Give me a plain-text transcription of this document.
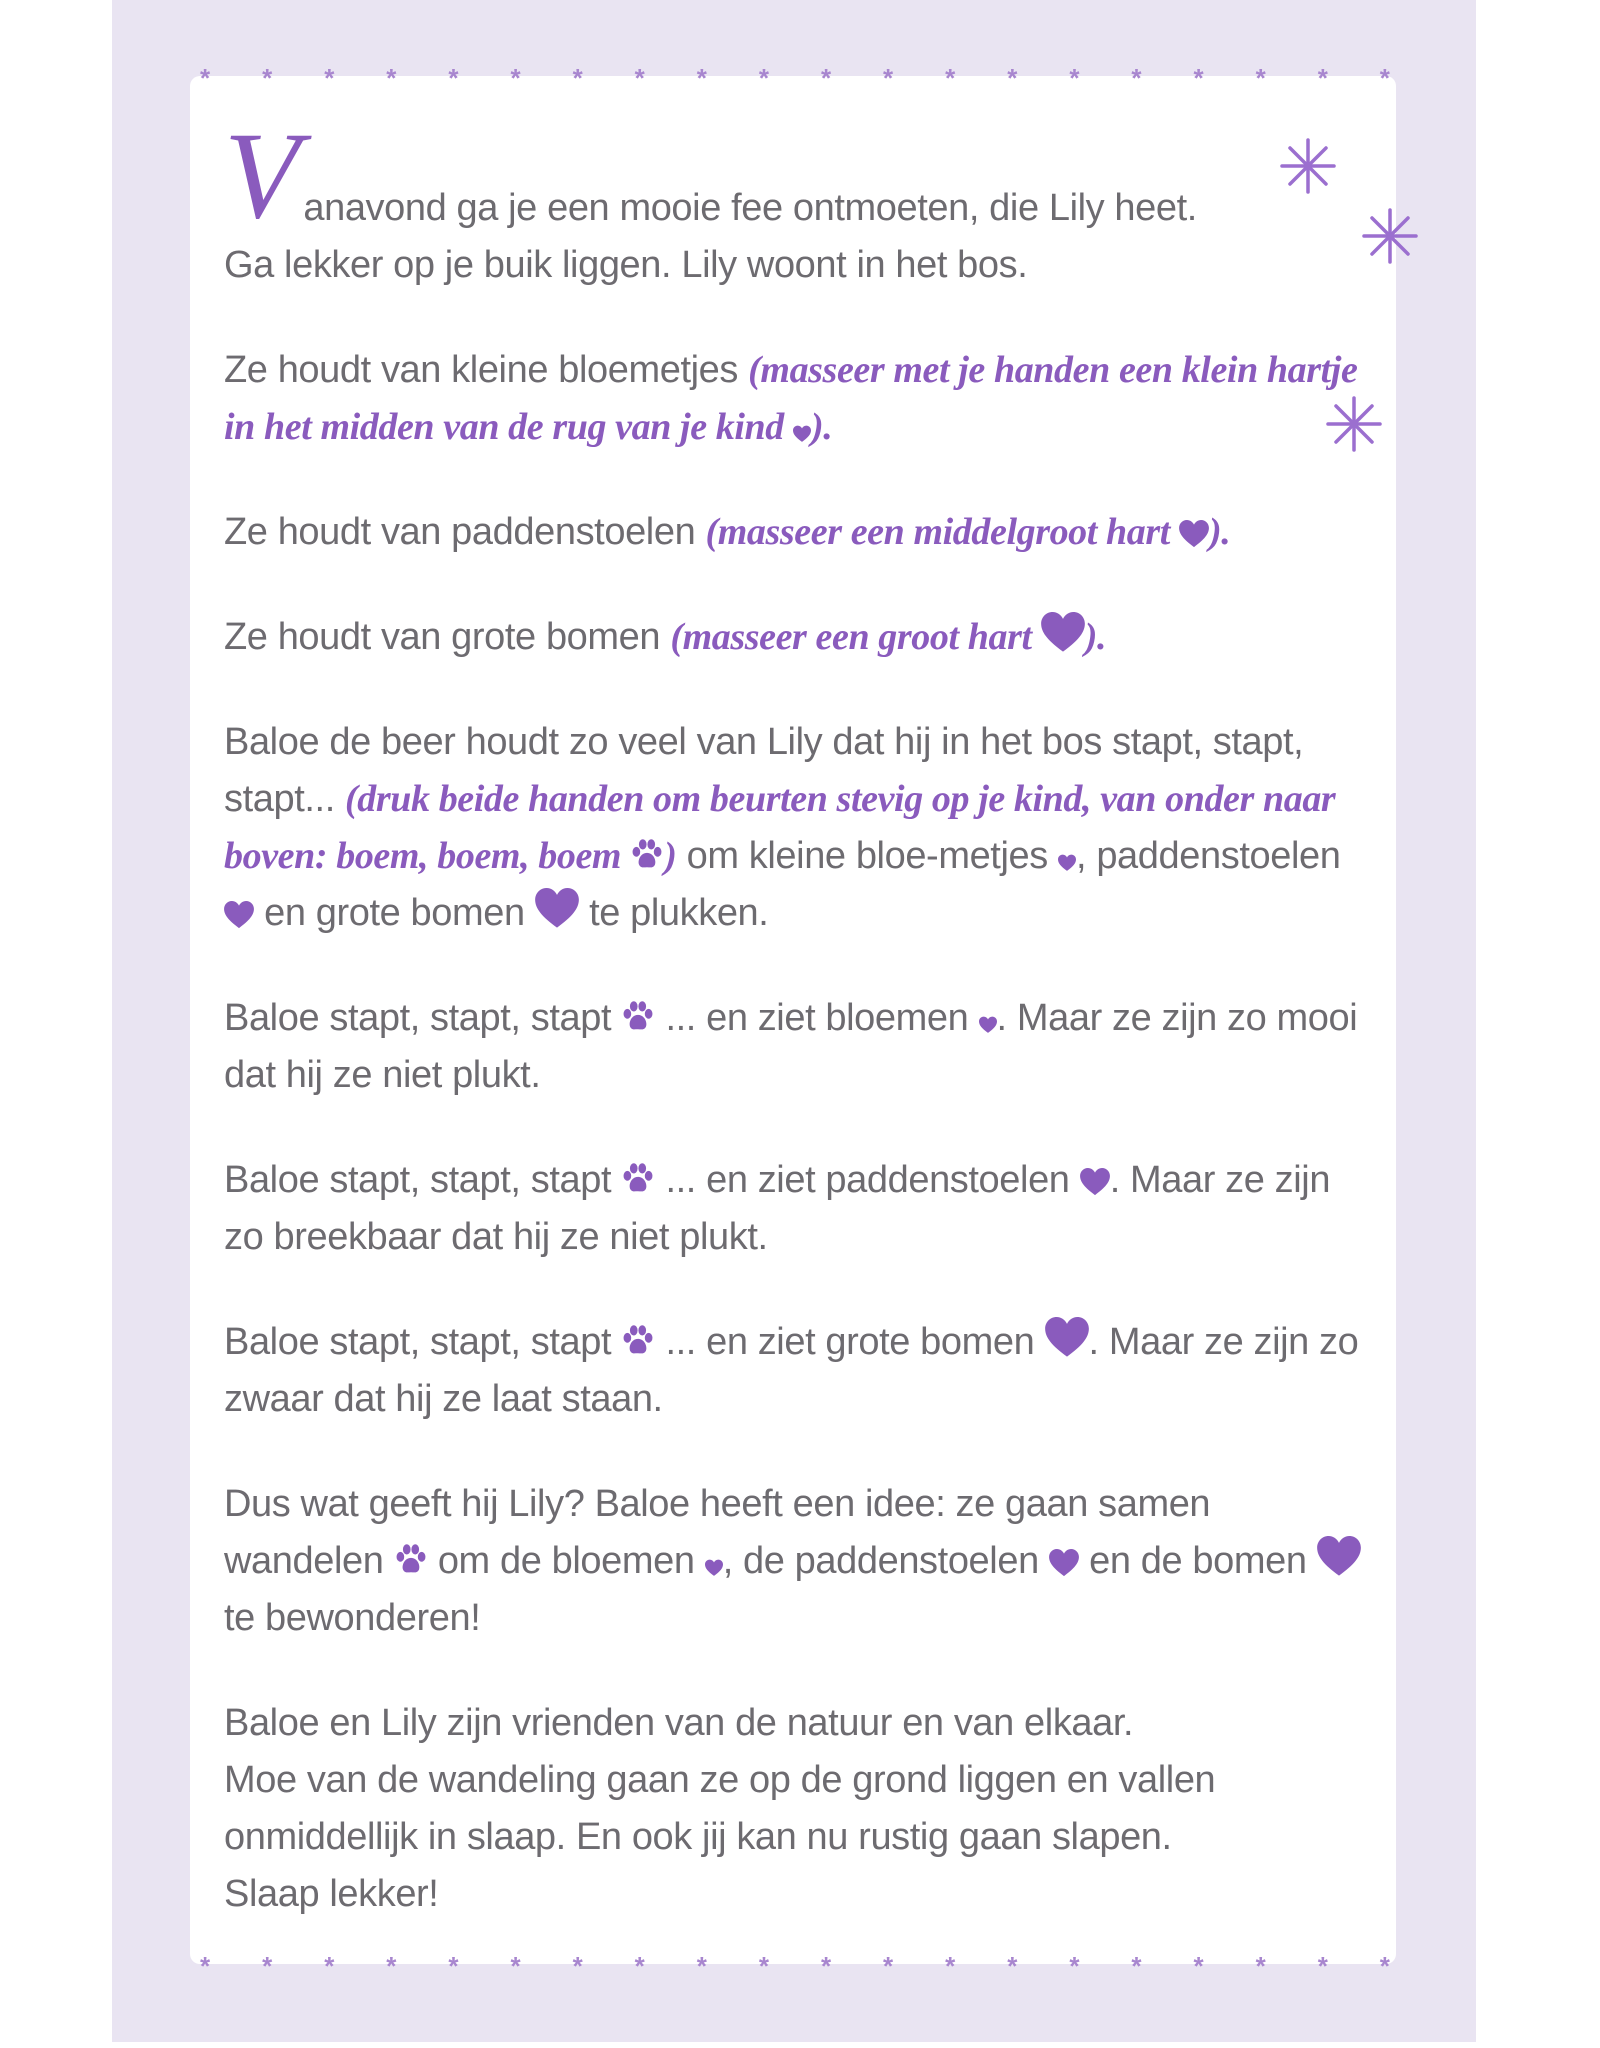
* * * * * * * * * * * * * * * * * * * *
* * * * * * * * * * * * * * * * * * * *

V anavond ga je een mooie fee ontmoeten, die Lily heet.
Ga lekker op je buik liggen. Lily woont in het bos.

Ze houdt van kleine bloemetjes (masseer met je handen een klein hartje in het midden van de rug van je kind
).

Ze houdt van paddenstoelen (masseer een middelgroot hart
).

Ze houdt van grote bomen (masseer een groot hart
).

Baloe de beer houdt zo veel van Lily dat hij in het bos stapt, stapt, stapt... (druk beide handen om beurten stevig op je kind, van onder naar boven: boem, boem, boem
) om kleine bloe-metjes
, paddenstoelen
en grote bomen
te plukken.

Baloe stapt, stapt, stapt
... en ziet bloemen
. Maar ze zijn zo mooi dat hij ze niet plukt.

Baloe stapt, stapt, stapt
... en ziet paddenstoelen
. Maar ze zijn zo breekbaar dat hij ze niet plukt.

Baloe stapt, stapt, stapt
... en ziet grote bomen
. Maar ze zijn zo zwaar dat hij ze laat staan.

Dus wat geeft hij Lily? Baloe heeft een idee: ze gaan samen wandelen
om de bloemen
, de paddenstoelen
en de bomen
te bewonderen!

Baloe en Lily zijn vrienden van de natuur en van elkaar.
Moe van de wandeling gaan ze op de grond liggen en vallen
onmiddellijk in slaap. En ook jij kan nu rustig gaan slapen.
Slaap lekker!
